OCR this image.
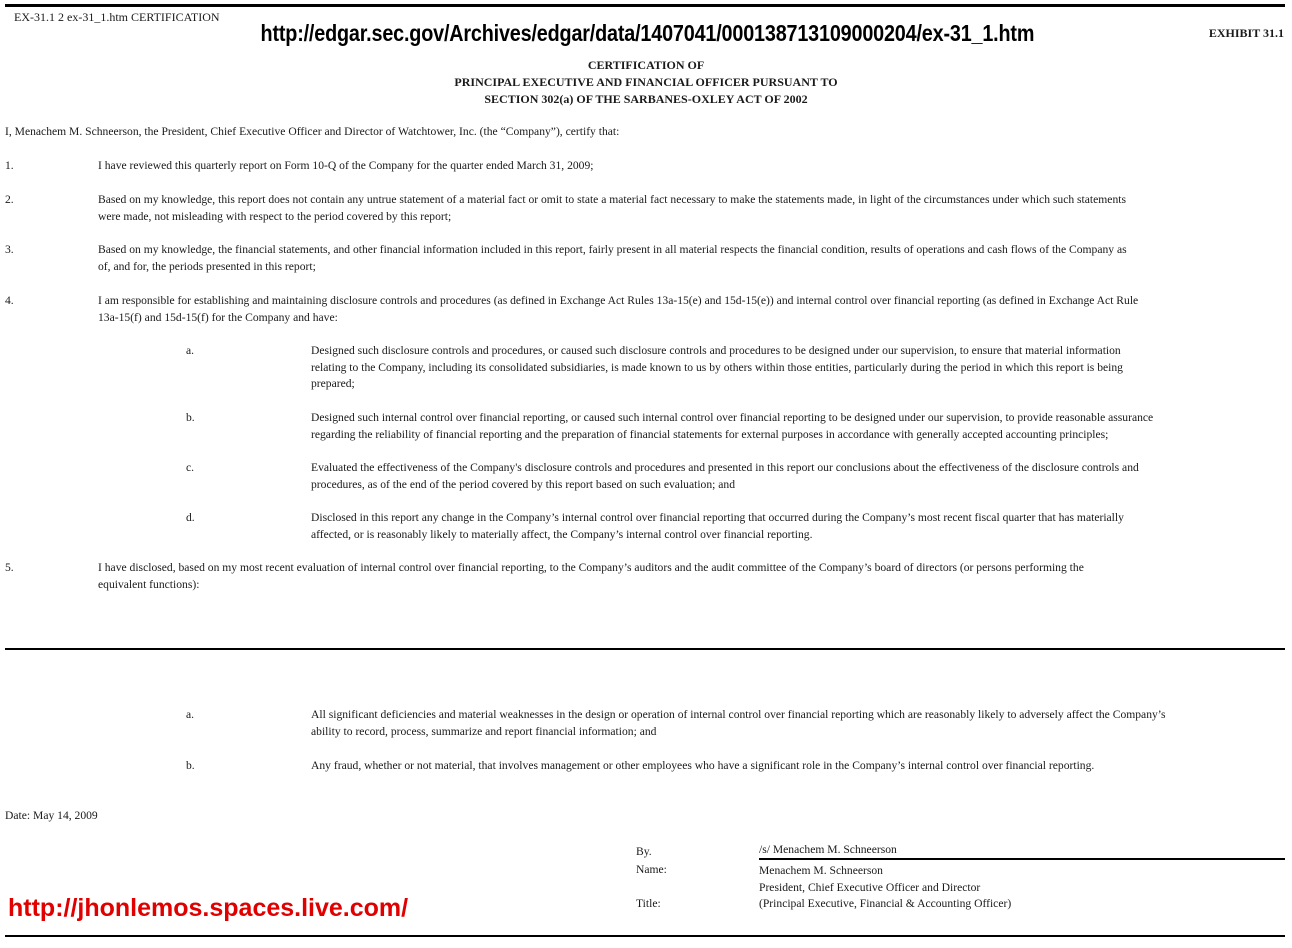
EX-31.1 2 ex-31_1.htm CERTIFICATION
http://edgar.sec.gov/Archives/edgar/data/1407041/000138713109000204/ex-31_1.htm	EXHIBIT 31.1
CERTIFICATION OF
PRINCIPAL EXECUTIVE AND FINANCIAL OFFICER PURSUANT TO
SECTION 302(a) OF THE SARBANES-OXLEY ACT OF 2002
I, Menachem M. Schneerson, the President, Chief Executive Officer and Director of Watchtower, Inc. (the “Company”), certify that:
1.	I have reviewed this quarterly report on Form 10-Q of the Company for the quarter ended March 31, 2009;
2.	Based on my knowledge, this report does not contain any untrue statement of a material fact or omit to state a material fact necessary to make the statements made, in light of the circumstances under which such statements
were made, not misleading with respect to the period covered by this report;
3.	Based on my knowledge, the financial statements, and other financial information included in this report, fairly present in all material respects the financial condition, results of operations and cash flows of the Company as
of, and for, the periods presented in this report;
4.	I am responsible for establishing and maintaining disclosure controls and procedures (as defined in Exchange Act Rules 13a-15(e) and 15d-15(e)) and internal control over financial reporting (as defined in Exchange Act Rule
13a-15(f) and 15d-15(f) for the Company and have:
a.	Designed such disclosure controls and procedures, or caused such disclosure controls and procedures to be designed under our supervision, to ensure that material information
relating to the Company, including its consolidated subsidiaries, is made known to us by others within those entities, particularly during the period in which this report is being
prepared;
b.	Designed such internal control over financial reporting, or caused such internal control over financial reporting to be designed under our supervision, to provide reasonable assurance
regarding the reliability of financial reporting and the preparation of financial statements for external purposes in accordance with generally accepted accounting principles;
c.	Evaluated the effectiveness of the Company's disclosure controls and procedures and presented in this report our conclusions about the effectiveness of the disclosure controls and
procedures, as of the end of the period covered by this report based on such evaluation; and
d.	Disclosed in this report any change in the Company’s internal control over financial reporting that occurred during the Company’s most recent fiscal quarter that has materially
affected, or is reasonably likely to materially affect, the Company’s internal control over financial reporting.
5.	I have disclosed, based on my most recent evaluation of internal control over financial reporting, to the Company’s auditors and the audit committee of the Company’s board of directors (or persons performing the
equivalent functions):
a.	All significant deficiencies and material weaknesses in the design or operation of internal control over financial reporting which are reasonably likely to adversely affect the Company’s
ability to record, process, summarize and report financial information; and
b.	Any fraud, whether or not material, that involves management or other employees who have a significant role in the Company’s internal control over financial reporting.
Date: May 14, 2009
By.	/s/ Menachem M. Schneerson
Name:	Menachem M. Schneerson
President, Chief Executive Officer and Director
Title:	(Principal Executive, Financial & Accounting Officer)
http://jhonlemos.spaces.live.com/
